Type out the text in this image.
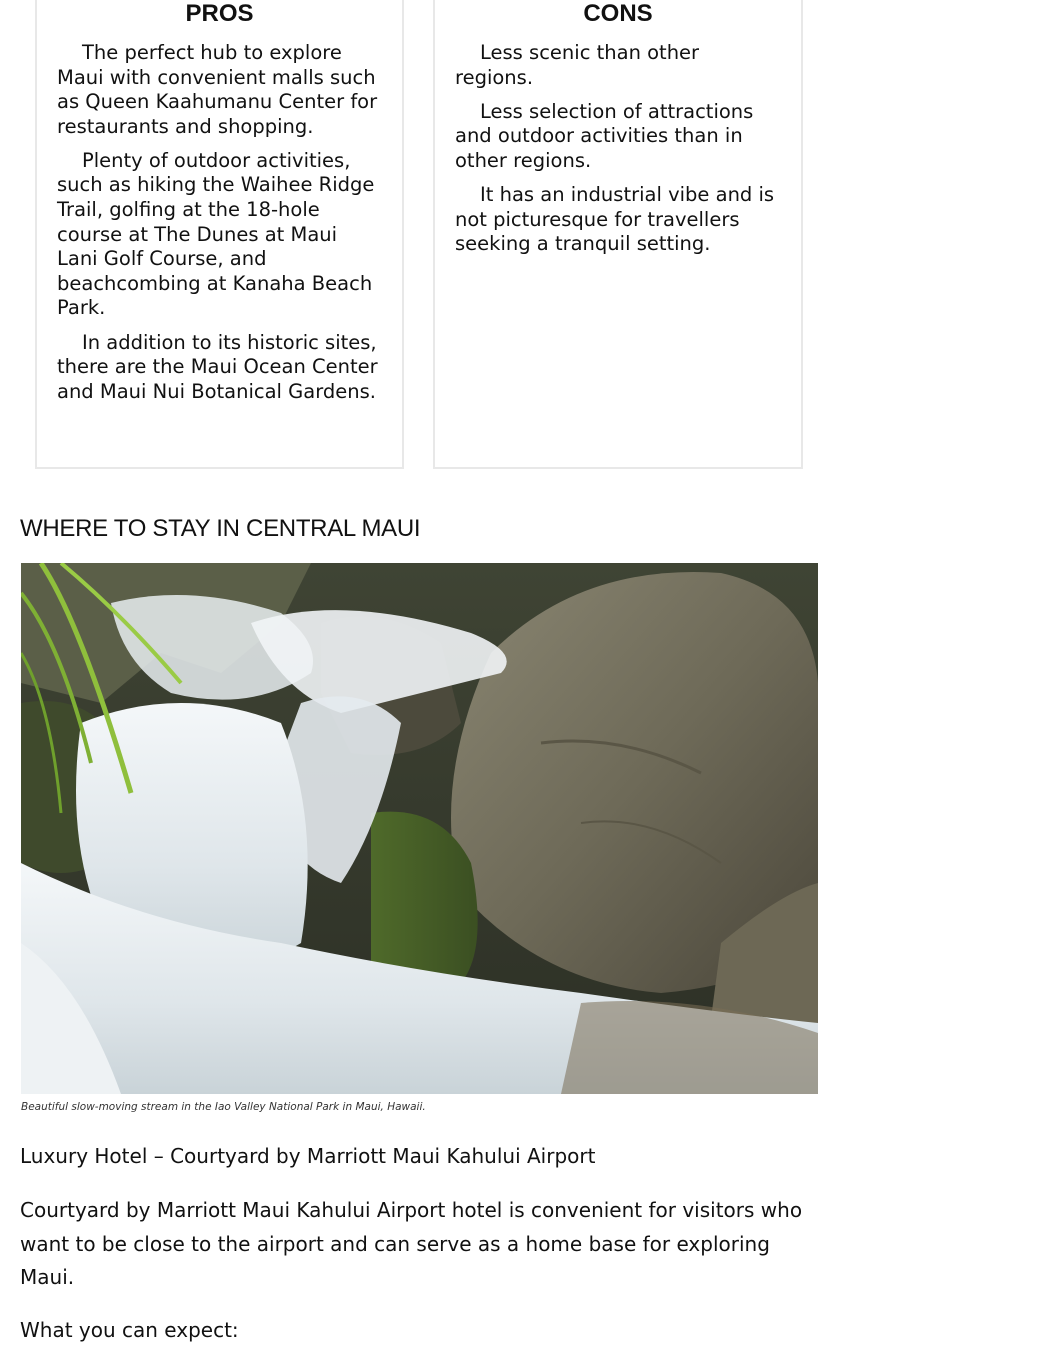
PROS
The perfect hub to explore Maui with convenient malls such as Queen Kaahumanu Center for restaurants and shopping.
Plenty of outdoor activities, such as hiking the Waihee Ridge Trail, golfing at the 18-hole course at The Dunes at Maui Lani Golf Course, and beachcombing at Kanaha Beach Park.
In addition to its historic sites, there are the Maui Ocean Center and Maui Nui Botanical Gardens.
CONS
Less scenic than other regions.
Less selection of attractions and outdoor activities than in other regions.
It has an industrial vibe and is not picturesque for travellers seeking a tranquil setting.
WHERE TO STAY IN CENTRAL MAUI

Beautiful slow-moving stream in the Iao Valley National Park in Maui, Hawaii.

Luxury Hotel – Courtyard by Marriott Maui Kahului Airport

Courtyard by Marriott Maui Kahului Airport hotel is convenient for visitors who want to be close to the airport and can serve as a home base for exploring Maui.

What you can expect:
